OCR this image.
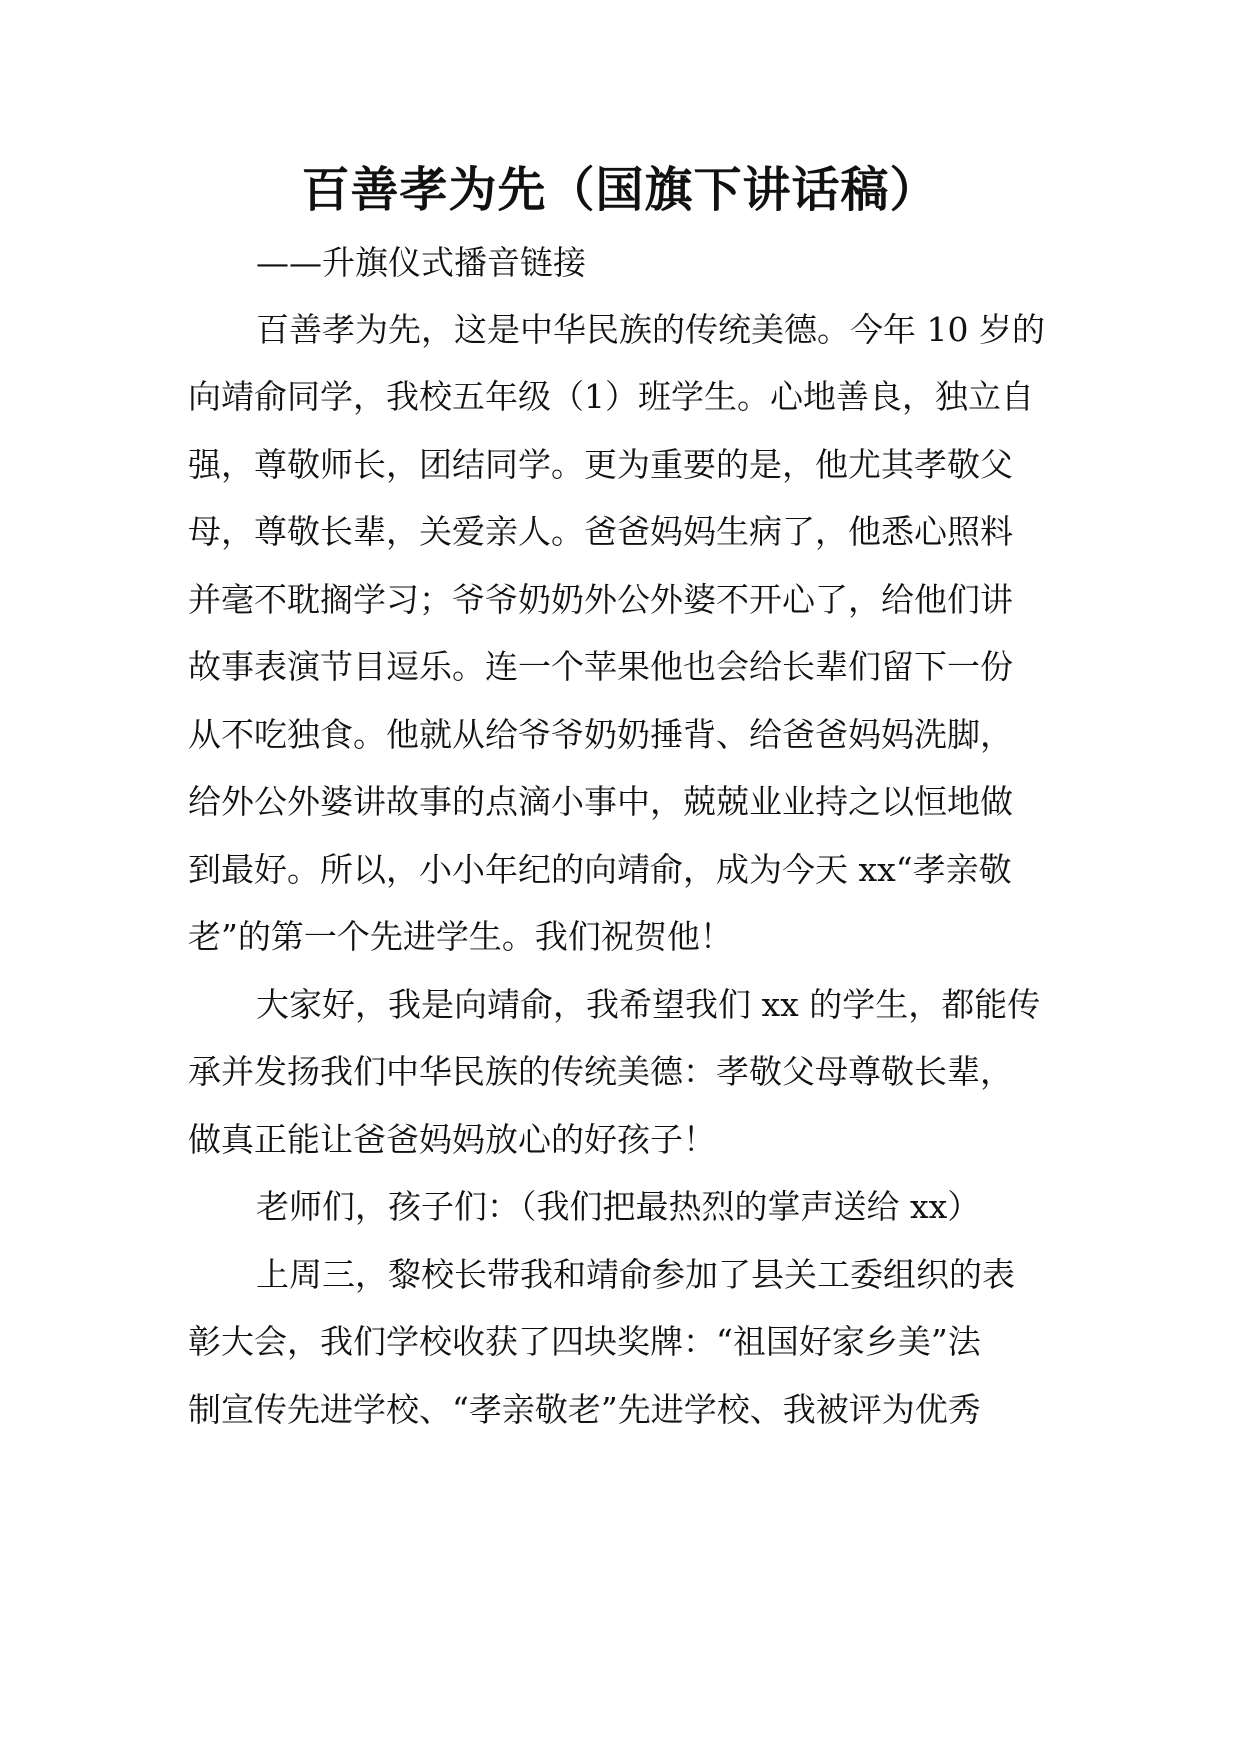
百善孝为先（国旗下讲话稿）

——升旗仪式播音链接

百善孝为先，这是中华民族的传统美德。今年 10 岁的

向靖俞同学，我校五年级（1）班学生。心地善良，独立自

强，尊敬师长，团结同学。更为重要的是，他尤其孝敬父

母，尊敬长辈，关爱亲人。爸爸妈妈生病了，他悉心照料

并毫不耽搁学习；爷爷奶奶外公外婆不开心了，给他们讲

故事表演节目逗乐。连一个苹果他也会给长辈们留下一份

从不吃独食。他就从给爷爷奶奶捶背、给爸爸妈妈洗脚，

给外公外婆讲故事的点滴小事中，兢兢业业持之以恒地做

到最好。所以，小小年纪的向靖俞，成为今天 xx“孝亲敬

老”的第一个先进学生。我们祝贺他！

大家好，我是向靖俞，我希望我们 xx 的学生，都能传

承并发扬我们中华民族的传统美德：孝敬父母尊敬长辈，

做真正能让爸爸妈妈放心的好孩子！

老师们，孩子们：（我们把最热烈的掌声送给 xx）

上周三，黎校长带我和靖俞参加了县关工委组织的表

彰大会，我们学校收获了四块奖牌：“祖国好家乡美”法

制宣传先进学校、“孝亲敬老”先进学校、我被评为优秀
